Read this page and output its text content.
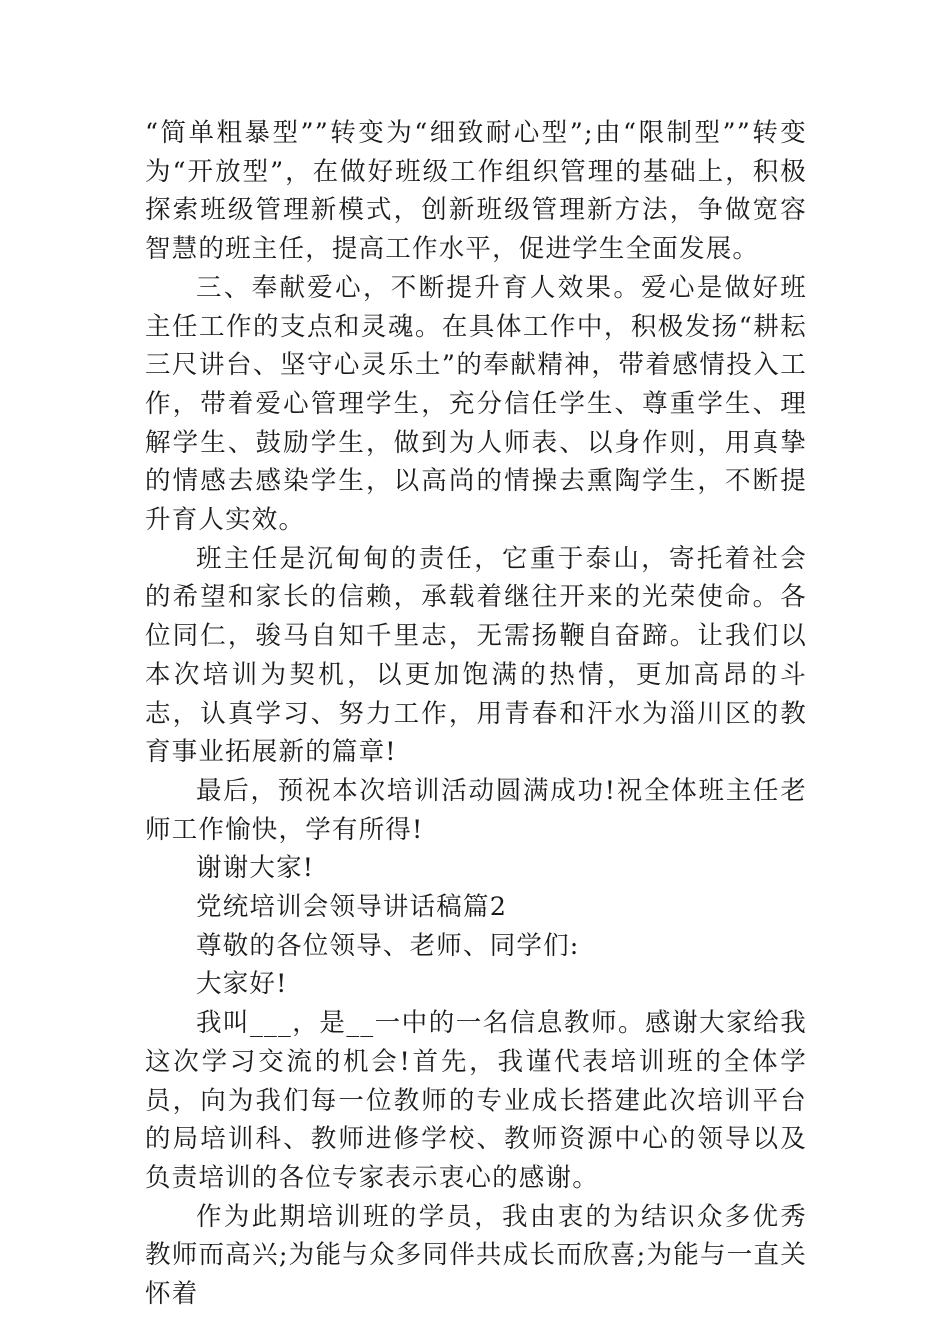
“简单粗暴型””转变为“细致耐心型”;由“限制型””转变为“开放型”，在做好班级工作组织管理的基础上，积极探索班级管理新模式，创新班级管理新方法，争做宽容智慧的班主任，提高工作水平，促进学生全面发展。

三、奉献爱心，不断提升育人效果。爱心是做好班主任工作的支点和灵魂。在具体工作中，积极发扬“耕耘三尺讲台、坚守心灵乐土”的奉献精神，带着感情投入工作，带着爱心管理学生，充分信任学生、尊重学生、理解学生、鼓励学生，做到为人师表、以身作则，用真挚的情感去感染学生，以高尚的情操去熏陶学生，不断提升育人实效。

班主任是沉甸甸的责任，它重于泰山，寄托着社会的希望和家长的信赖，承载着继往开来的光荣使命。各位同仁，骏马自知千里志，无需扬鞭自奋蹄。让我们以本次培训为契机，以更加饱满的热情，更加高昂的斗志，认真学习、努力工作，用青春和汗水为淄川区的教育事业拓展新的篇章!

最后，预祝本次培训活动圆满成功!祝全体班主任老师工作愉快，学有所得!

谢谢大家!

党统培训会领导讲话稿篇2

尊敬的各位领导、老师、同学们:

大家好!

我叫___，是__一中的一名信息教师。感谢大家给我这次学习交流的机会!首先，我谨代表培训班的全体学员，向为我们每一位教师的专业成长搭建此次培训平台的局培训科、教师进修学校、教师资源中心的领导以及负责培训的各位专家表示衷心的感谢。

作为此期培训班的学员，我由衷的为结识众多优秀教师而高兴;为能与众多同伴共成长而欣喜;为能与一直关怀着
